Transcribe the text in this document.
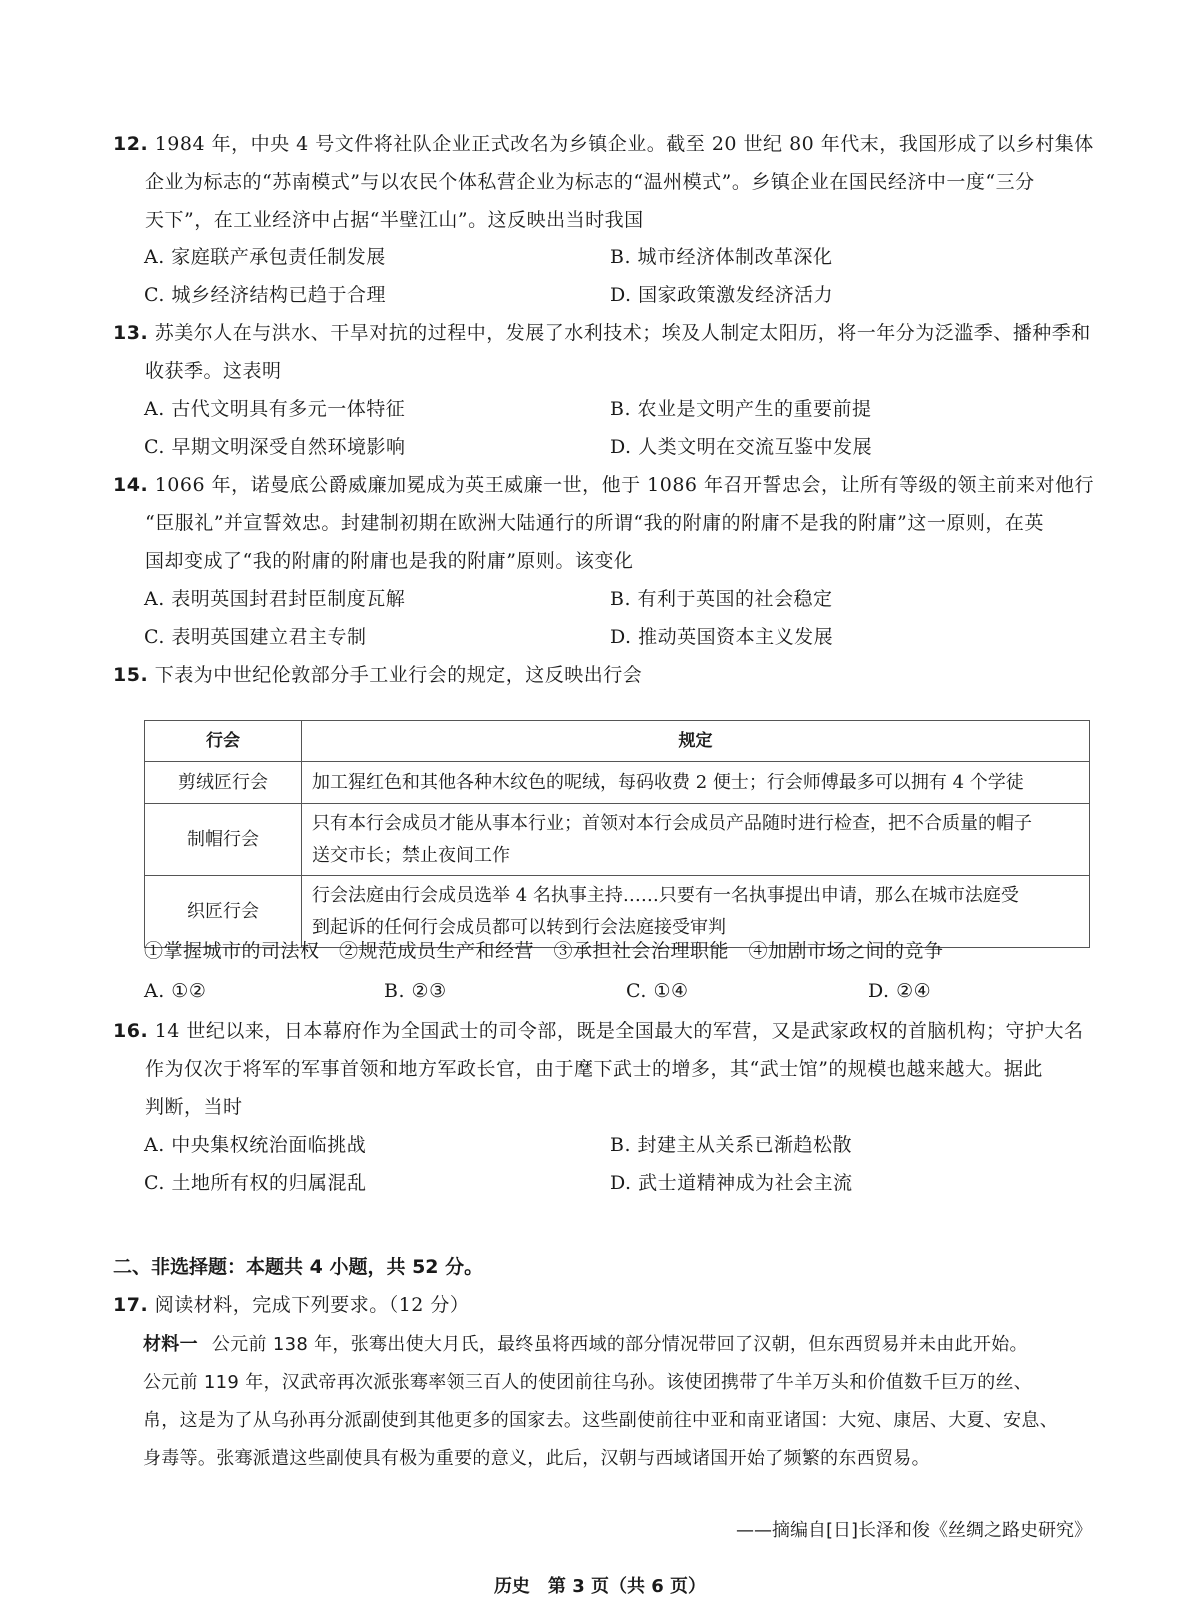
12. 1984 年，中央 4 号文件将社队企业正式改名为乡镇企业。截至 20 世纪 80 年代末，我国形成了以乡村集体
企业为标志的“苏南模式”与以农民个体私营企业为标志的“温州模式”。乡镇企业在国民经济中一度“三分
天下”，在工业经济中占据“半壁江山”。这反映出当时我国
A. 家庭联产承包责任制发展	B. 城市经济体制改革深化
C. 城乡经济结构已趋于合理	D. 国家政策激发经济活力
13. 苏美尔人在与洪水、干旱对抗的过程中，发展了水利技术；埃及人制定太阳历，将一年分为泛滥季、播种季和
收获季。这表明
A. 古代文明具有多元一体特征	B. 农业是文明产生的重要前提
C. 早期文明深受自然环境影响	D. 人类文明在交流互鉴中发展
14. 1066 年，诺曼底公爵威廉加冕成为英王威廉一世，他于 1086 年召开誓忠会，让所有等级的领主前来对他行
“臣服礼”并宣誓效忠。封建制初期在欧洲大陆通行的所谓“我的附庸的附庸不是我的附庸”这一原则，在英
国却变成了“我的附庸的附庸也是我的附庸”原则。该变化
A. 表明英国封君封臣制度瓦解	B. 有利于英国的社会稳定
C. 表明英国建立君主专制	D. 推动英国资本主义发展
15. 下表为中世纪伦敦部分手工业行会的规定，这反映出行会
行会	规定
剪绒匠行会	加工猩红色和其他各种木纹色的呢绒，每码收费 2 便士；行会师傅最多可以拥有 4 个学徒

制帽行会	只有本行会成员才能从事本行业；首领对本行会成员产品随时进行检查，把不合质量的帽子
送交市长；禁止夜间工作

织匠行会	行会法庭由行会成员选举 4 名执事主持……只要有一名执事提出申请，那么在城市法庭受
到起诉的任何行会成员都可以转到行会法庭接受审判
①掌握城市的司法权　②规范成员生产和经营　③承担社会治理职能　④加剧市场之间的竞争
A. ①②	B. ②③	C. ①④	D. ②④
16. 14 世纪以来，日本幕府作为全国武士的司令部，既是全国最大的军营，又是武家政权的首脑机构；守护大名
作为仅次于将军的军事首领和地方军政长官，由于麾下武士的增多，其“武士馆”的规模也越来越大。据此
判断，当时
A. 中央集权统治面临挑战	B. 封建主从关系已渐趋松散
C. 土地所有权的归属混乱	D. 武士道精神成为社会主流
二、非选择题：本题共 4 小题，共 52 分。
17. 阅读材料，完成下列要求。（12 分）
材料一 公元前 138 年，张骞出使大月氏，最终虽将西域的部分情况带回了汉朝，但东西贸易并未由此开始。
公元前 119 年，汉武帝再次派张骞率领三百人的使团前往乌孙。该使团携带了牛羊万头和价值数千巨万的丝、
帛，这是为了从乌孙再分派副使到其他更多的国家去。这些副使前往中亚和南亚诸国：大宛、康居、大夏、安息、
身毒等。张骞派遣这些副使具有极为重要的意义，此后，汉朝与西域诸国开始了频繁的东西贸易。
——摘编自[日]长泽和俊《丝绸之路史研究》
历史　第 3 页（共 6 页）
